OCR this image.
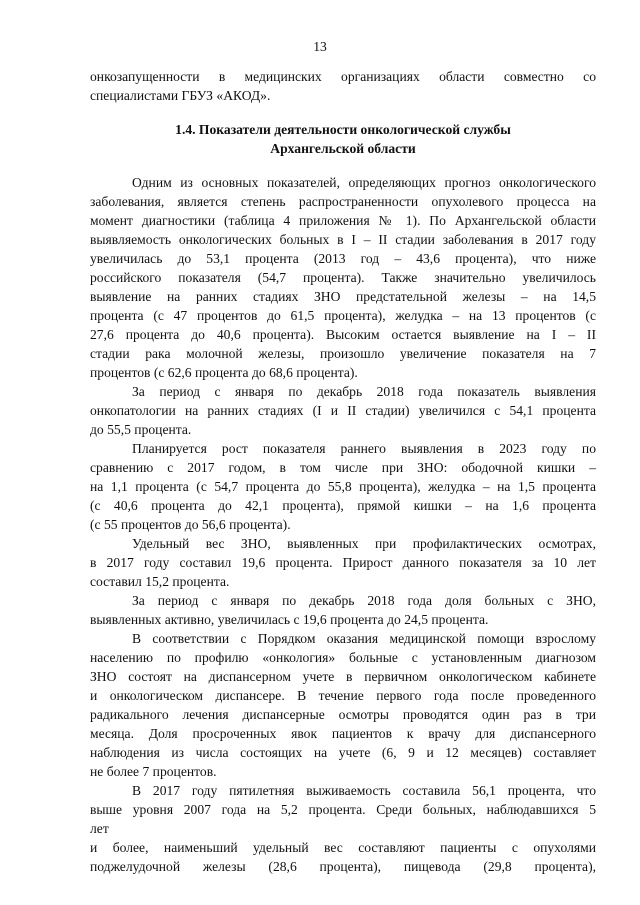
13
онкозапущенности в медицинских организациях области совместно со
специалистами ГБУЗ «АКОД».
1.4. Показатели деятельности онкологической службы
Архангельской области
Одним из основных показателей, определяющих прогноз онкологического
заболевания, является степень распространенности опухолевого процесса на
момент диагностики (таблица 4 приложения № 1). По Архангельской области
выявляемость онкологических больных в I – II стадии заболевания в 2017 году
увеличилась до 53,1 процента (2013 год – 43,6 процента), что ниже
российского показателя (54,7 процента). Также значительно увеличилось
выявление на ранних стадиях ЗНО предстательной железы – на 14,5
процента (с 47 процентов до 61,5 процента), желудка – на 13 процентов (с
27,6 процента до 40,6 процента). Высоким остается выявление на I – II
стадии рака молочной железы, произошло увеличение показателя на 7
процентов (с 62,6 процента до 68,6 процента).
За период с января по декабрь 2018 года показатель выявления
онкопатологии на ранних стадиях (I и II стадии) увеличился с 54,1 процента
до 55,5 процента.
Планируется рост показателя раннего выявления в 2023 году по
сравнению с 2017 годом, в том числе при ЗНО: ободочной кишки –
на 1,1 процента (с 54,7 процента до 55,8 процента), желудка – на 1,5 процента
(с 40,6 процента до 42,1 процента), прямой кишки – на 1,6 процента
(с 55 процентов до 56,6 процента).
Удельный вес ЗНО, выявленных при профилактических осмотрах,
в 2017 году составил 19,6 процента. Прирост данного показателя за 10 лет
составил 15,2 процента.
За период с января по декабрь 2018 года доля больных с ЗНО,
выявленных активно, увеличилась с 19,6 процента до 24,5 процента.
В соответствии с Порядком оказания медицинской помощи взрослому
населению по профилю «онкология» больные с установленным диагнозом
ЗНО состоят на диспансерном учете в первичном онкологическом кабинете
и онкологическом диспансере. В течение первого года после проведенного
радикального лечения диспансерные осмотры проводятся один раз в три
месяца. Доля просроченных явок пациентов к врачу для диспансерного
наблюдения из числа состоящих на учете (6, 9 и 12 месяцев) составляет
не более 7 процентов.
В 2017 году пятилетняя выживаемость составила 56,1 процента, что
выше уровня 2007 года на 5,2 процента. Среди больных, наблюдавшихся 5
лет
и более, наименьший удельный вес составляют пациенты с опухолями
поджелудочной железы (28,6 процента), пищевода (29,8 процента),
